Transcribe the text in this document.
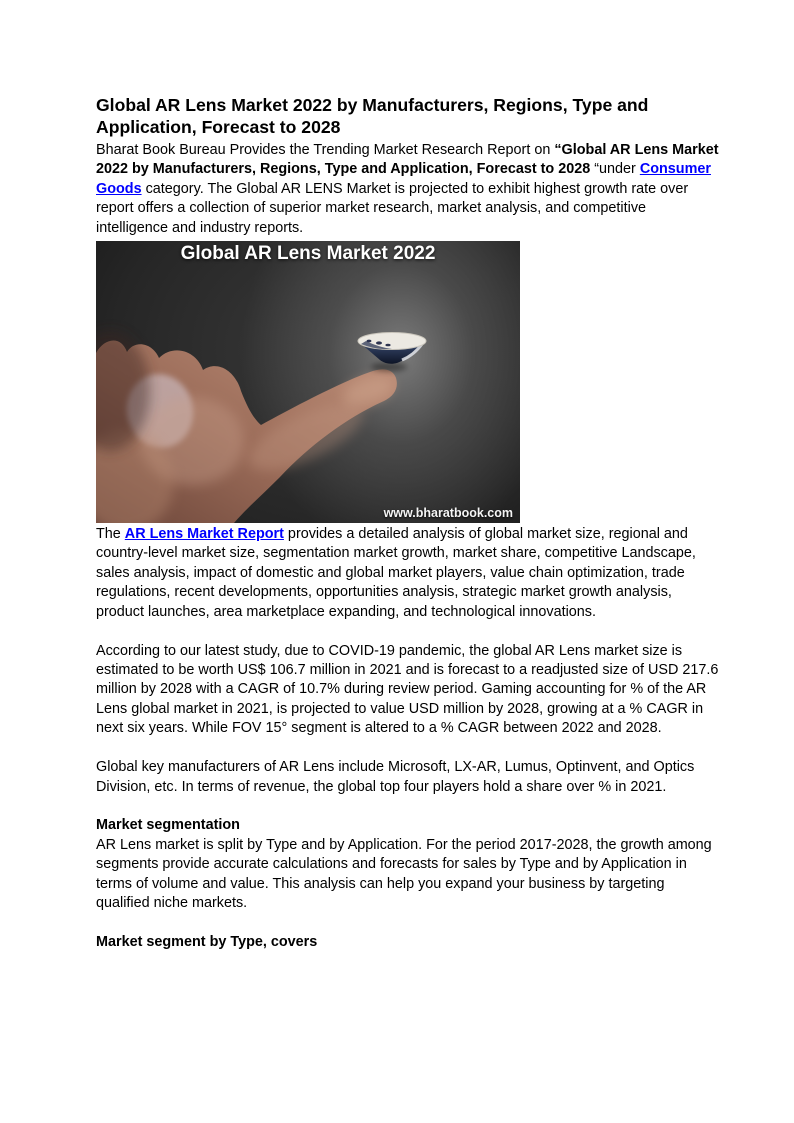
Global AR Lens Market 2022 by Manufacturers, Regions, Type and Application, Forecast to 2028

Bharat Book Bureau Provides the Trending Market Research Report on “Global AR Lens Market 2022 by Manufacturers, Regions, Type and Application, Forecast to 2028 “under Consumer Goods category. The Global AR LENS Market is projected to exhibit highest growth rate over report offers a collection of superior market research, market analysis, and competitive intelligence and industry reports.

Global AR Lens Market 2022
www.bharatbook.com

The AR Lens Market Report provides a detailed analysis of global market size, regional and country-level market size, segmentation market growth, market share, competitive Landscape, sales analysis, impact of domestic and global market players, value chain optimization, trade regulations, recent developments, opportunities analysis, strategic market growth analysis, product launches, area marketplace expanding, and technological innovations.

According to our latest study, due to COVID-19 pandemic, the global AR Lens market size is estimated to be worth US$ 106.7 million in 2021 and is forecast to a readjusted size of USD 217.6 million by 2028 with a CAGR of 10.7% during review period. Gaming accounting for % of the AR Lens global market in 2021, is projected to value USD million by 2028, growing at a % CAGR in next six years. While FOV 15° segment is altered to a % CAGR between 2022 and 2028.

Global key manufacturers of AR Lens include Microsoft, LX-AR, Lumus, Optinvent, and Optics Division, etc. In terms of revenue, the global top four players hold a share over % in 2021.

Market segmentation

AR Lens market is split by Type and by Application. For the period 2017-2028, the growth among segments provide accurate calculations and forecasts for sales by Type and by Application in terms of volume and value. This analysis can help you expand your business by targeting qualified niche markets.

Market segment by Type, covers
